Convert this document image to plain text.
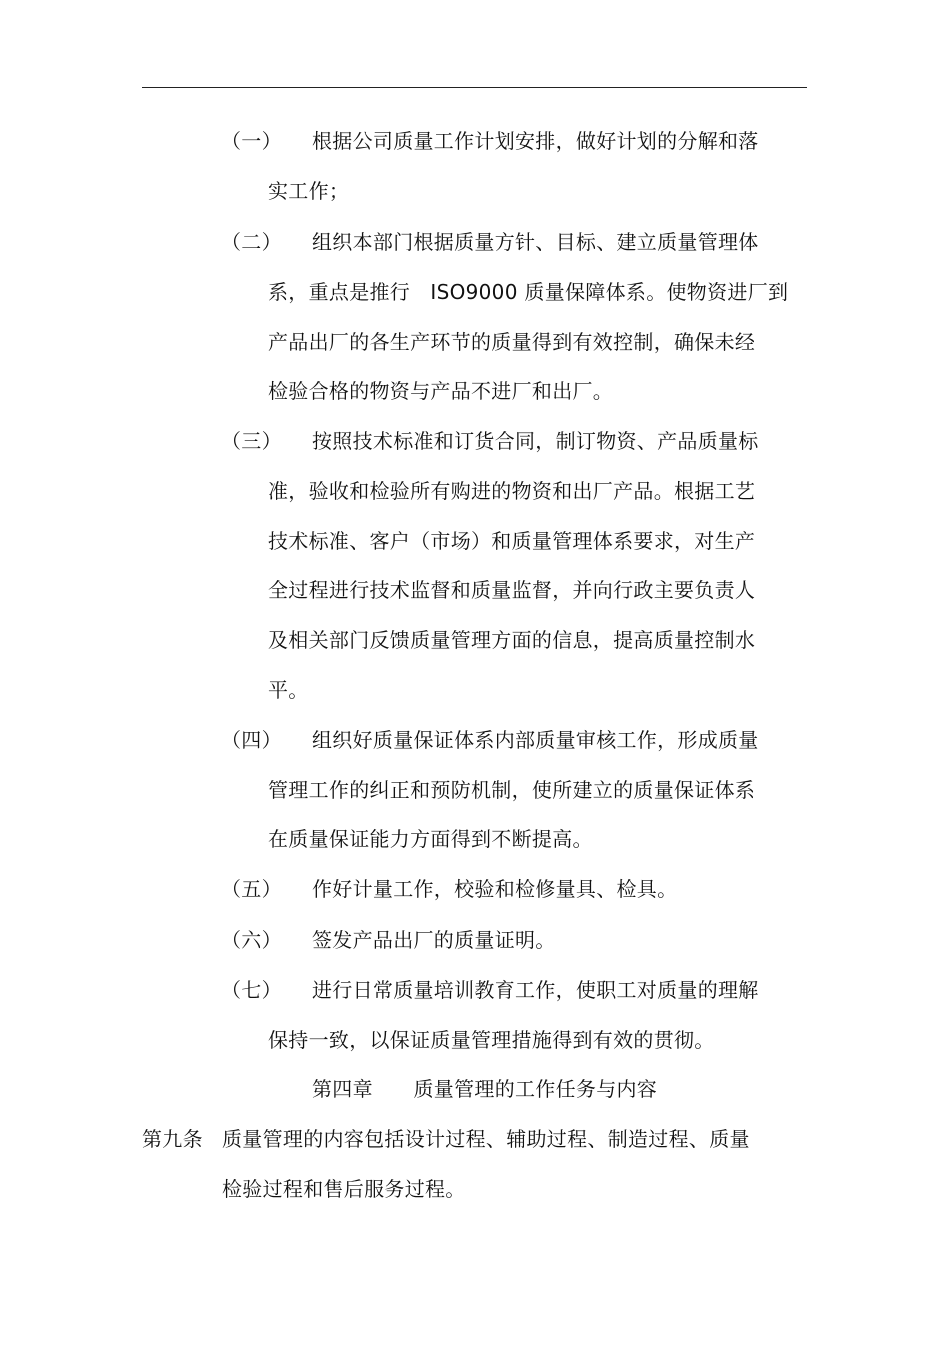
（一） 根据公司质量工作计划安排，做好计划的分解和落
实工作；
（二） 组织本部门根据质量方针、目标、建立质量管理体
系，重点是推行　ISO9000 质量保障体系。使物资进厂到
产品出厂的各生产环节的质量得到有效控制，确保未经
检验合格的物资与产品不进厂和出厂。
（三） 按照技术标准和订货合同，制订物资、产品质量标
准，验收和检验所有购进的物资和出厂产品。根据工艺
技术标准、客户（市场）和质量管理体系要求，对生产
全过程进行技术监督和质量监督，并向行政主要负责人
及相关部门反馈质量管理方面的信息，提高质量控制水
平。
（四） 组织好质量保证体系内部质量审核工作，形成质量
管理工作的纠正和预防机制，使所建立的质量保证体系
在质量保证能力方面得到不断提高。
（五） 作好计量工作，校验和检修量具、检具。
（六） 签发产品出厂的质量证明。
（七） 进行日常质量培训教育工作，使职工对质量的理解
保持一致，以保证质量管理措施得到有效的贯彻。
第四章　　质量管理的工作任务与内容
第九条 质量管理的内容包括设计过程、辅助过程、制造过程、质量
检验过程和售后服务过程。
